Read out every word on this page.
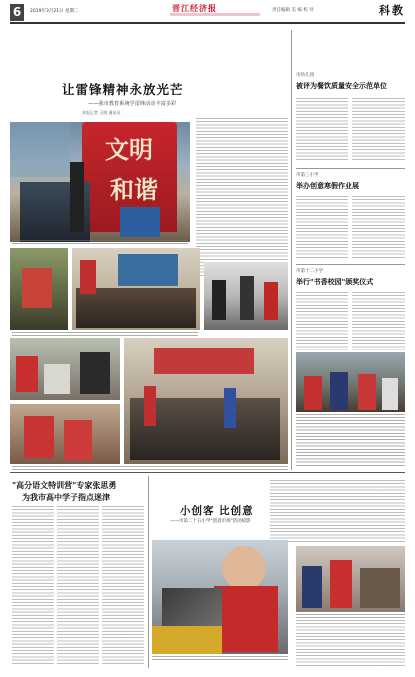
6	2019年3月21日 星期二	晋江经济报	责任编辑 美 编 校 对	科教
让雷锋精神永放光芒
——我市教育系统学雷锋活动丰富多彩
本报记者 王晓 通讯员
文明
和谐
市幼儿园
被评为餐饮质量安全示范单位
市第三小学
举办创意寒假作业展
市第十二小学
举行"书香校园"颁奖仪式
"高分语文特训营"专家张思勇
为我市高中学子指点迷津
小创客 比创意
——市第二十五小学"创意市场"活动掠影
